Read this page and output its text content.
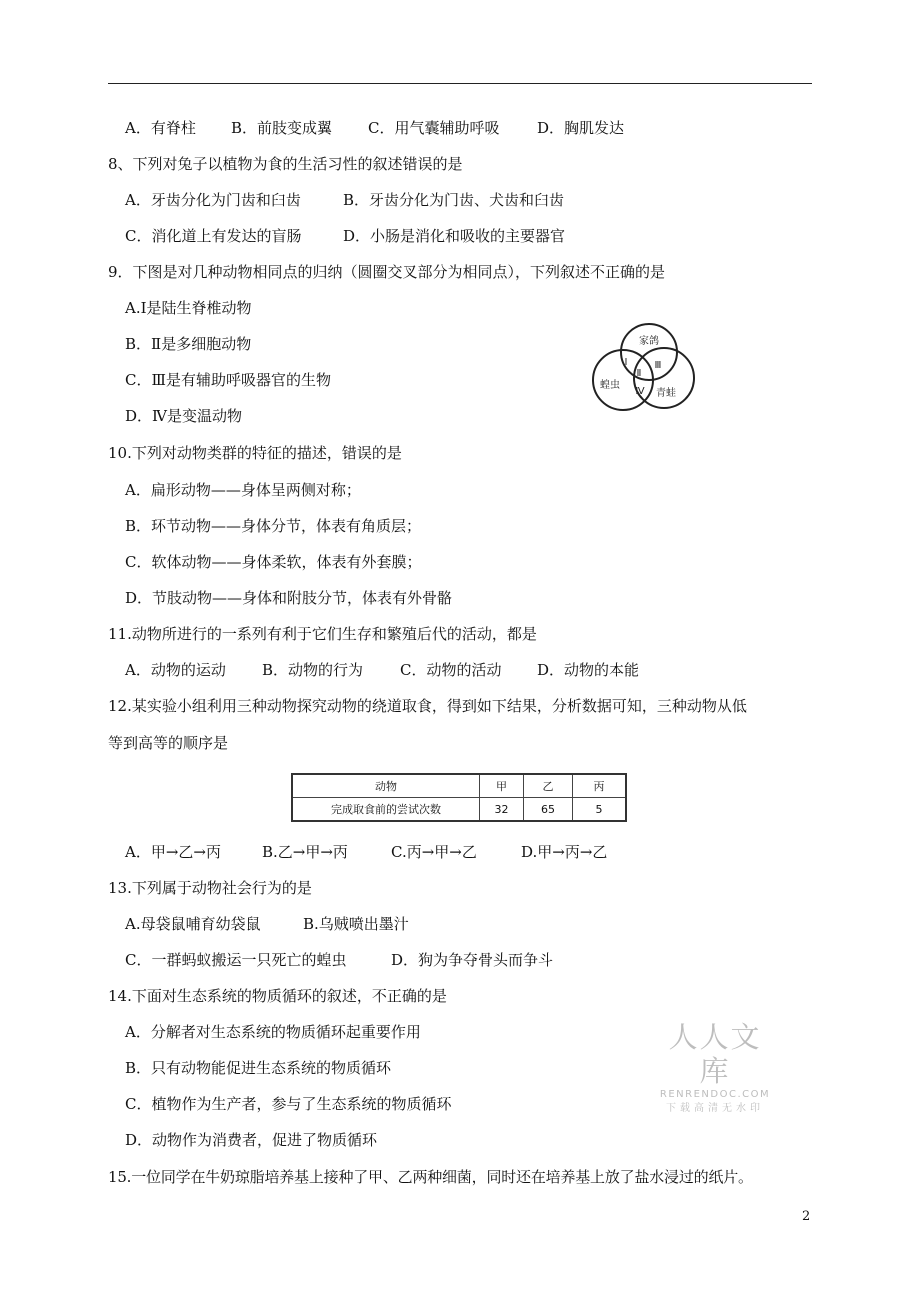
A．有脊柱 B．前肢变成翼 C．用气囊辅助呼吸	D．胸肌发达
8、下列对兔子以植物为食的生活习性的叙述错误的是
A．牙齿分化为门齿和臼齿	B．牙齿分化为门齿、犬齿和臼齿
C．消化道上有发达的盲肠	D．小肠是消化和吸收的主要器官
9．下图是对几种动物相同点的归纳（圆圈交叉部分为相同点），下列叙述不正确的是
A.Ⅰ是陆生脊椎动物
B．Ⅱ是多细胞动物
C．Ⅲ是有辅助呼吸器官的生物
D．Ⅳ是变温动物
家鸽
蝗虫
青蛙
Ⅰ
Ⅱ
Ⅲ
Ⅳ
10.下列对动物类群的特征的描述，错误的是
A．扁形动物——身体呈两侧对称；
B．环节动物——身体分节，体表有角质层；
C．软体动物——身体柔软，体表有外套膜；
D．节肢动物——身体和附肢分节，体表有外骨骼
11.动物所进行的一系列有利于它们生存和繁殖后代的活动，都是
A．动物的运动 B．动物的行为 C．动物的活动 D．动物的本能
12.某实验小组利用三种动物探究动物的绕道取食，得到如下结果，分析数据可知，三种动物从低
等到高等的顺序是
动物	甲	乙	丙
完成取食前的尝试次数	32	65	5
A．甲→乙→丙	B.乙→甲→丙	C.丙→甲→乙	D.甲→丙→乙
13.下列属于动物社会行为的是
A.母袋鼠哺育幼袋鼠	B.乌贼喷出墨汁
C．一群蚂蚁搬运一只死亡的蝗虫	D．狗为争夺骨头而争斗
14.下面对生态系统的物质循环的叙述，不正确的是
A．分解者对生态系统的物质循环起重要作用
B．只有动物能促进生态系统的物质循环
C．植物作为生产者，参与了生态系统的物质循环
D．动物作为消费者，促进了物质循环
15.一位同学在牛奶琼脂培养基上接种了甲、乙两种细菌，同时还在培养基上放了盐水浸过的纸片。
人人文库
RENRENDOC.COM
下载高清无水印
2
